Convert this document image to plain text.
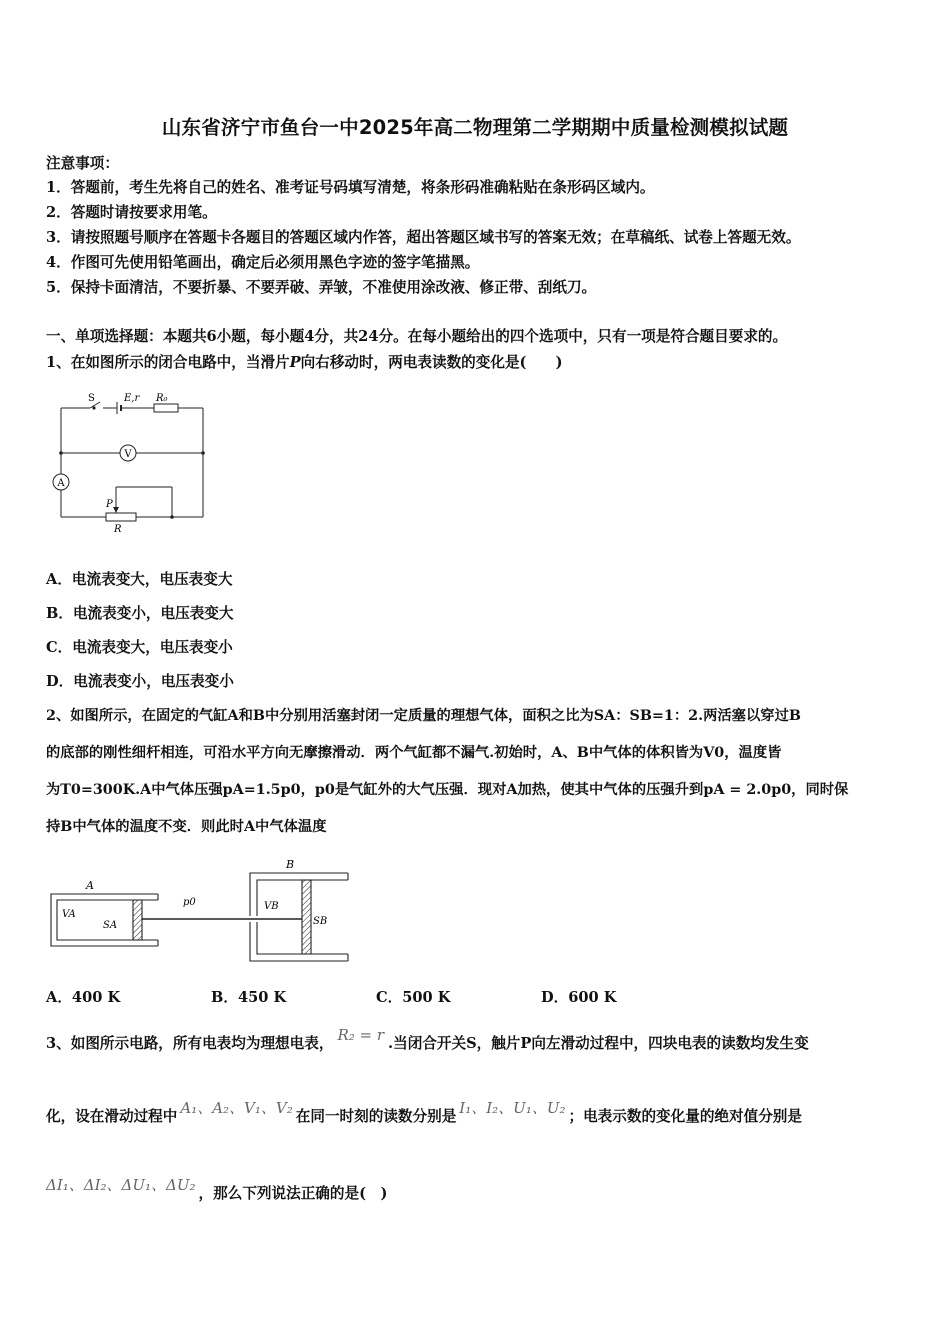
山东省济宁市鱼台一中2025年高二物理第二学期期中质量检测模拟试题
注意事项：
1．答题前，考生先将自己的姓名、准考证号码填写清楚，将条形码准确粘贴在条形码区域内。
2．答题时请按要求用笔。
3．请按照题号顺序在答题卡各题目的答题区域内作答，超出答题区域书写的答案无效；在草稿纸、试卷上答题无效。
4．作图可先使用铅笔画出，确定后必须用黑色字迹的签字笔描黑。
5．保持卡面清洁，不要折暴、不要弄破、弄皱，不准使用涂改液、修正带、刮纸刀。
一、单项选择题：本题共6小题，每小题4分，共24分。在每小题给出的四个选项中，只有一项是符合题目要求的。
1、在如图所示的闭合电路中，当滑片P向右移动时，两电表读数的变化是(　　)
V
A
S	E,r R₀
P
R
A．电流表变大，电压表变大
B．电流表变小，电压表变大
C．电流表变大，电压表变小
D．电流表变小，电压表变小
2、如图所示，在固定的气缸A和B中分别用活塞封闭一定质量的理想气体，面积之比为SA：SB=1：2.两活塞以穿过B
的底部的刚性细杆相连，可沿水平方向无摩擦滑动．两个气缸都不漏气.初始时，A、B中气体的体积皆为V0，温度皆
为T0=300K.A中气体压强pA=1.5p0，p0是气缸外的大气压强．现对A加热，使其中气体的压强升到pA = 2.0p0，同时保
持B中气体的温度不变．则此时A中气体温度
A
VA
SA
p0
B
VB
SB
A．400 K	B．450 K	C．500 K	D．600 K
3、如图所示电路，所有电表均为理想电表， R₂ = r .当闭合开关S，触片P向左滑动过程中，四块电表的读数均发生变
化，设在滑动过程中 A₁、A₂、V₁、V₂ 在同一时刻的读数分别是 I₁、I₂、U₁、U₂ ；电表示数的变化量的绝对值分别是
ΔI₁、ΔI₂、ΔU₁、ΔU₂ ，那么下列说法正确的是(　)
